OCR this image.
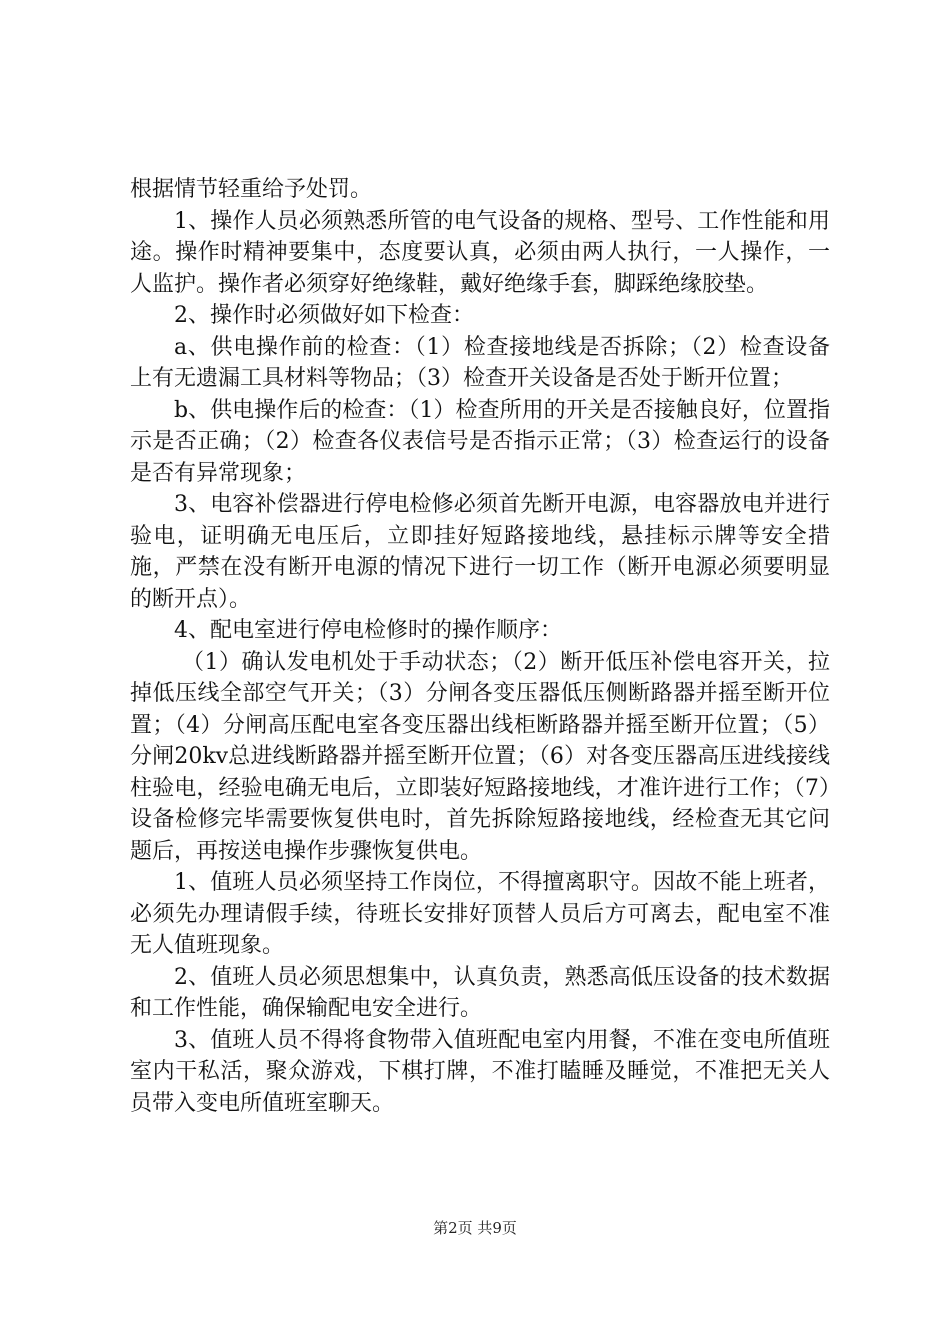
根据情节轻重给予处罚。

1、操作人员必须熟悉所管的电气设备的规格、型号、工作性能和用途。操作时精神要集中，态度要认真，必须由两人执行，一人操作，一人监护。操作者必须穿好绝缘鞋，戴好绝缘手套，脚踩绝缘胶垫。

2、操作时必须做好如下检查：

a、供电操作前的检查：（1）检查接地线是否拆除；（2）检查设备上有无遗漏工具材料等物品；（3）检查开关设备是否处于断开位置；

b、供电操作后的检查：（1）检查所用的开关是否接触良好，位置指示是否正确；（2）检查各仪表信号是否指示正常；（3）检查运行的设备是否有异常现象；

3、电容补偿器进行停电检修必须首先断开电源，电容器放电并进行验电，证明确无电压后，立即挂好短路接地线，悬挂标示牌等安全措施，严禁在没有断开电源的情况下进行一切工作（断开电源必须要明显的断开点）。

4、配电室进行停电检修时的操作顺序：

（1）确认发电机处于手动状态；（2）断开低压补偿电容开关，拉掉低压线全部空气开关；（3）分闸各变压器低压侧断路器并摇至断开位置；（4）分闸高压配电室各变压器出线柜断路器并摇至断开位置；（5）分闸20kv总进线断路器并摇至断开位置；（6）对各变压器高压进线接线柱验电，经验电确无电后，立即装好短路接地线，才准许进行工作；（7）设备检修完毕需要恢复供电时，首先拆除短路接地线，经检查无其它问题后，再按送电操作步骤恢复供电。

1、值班人员必须坚持工作岗位，不得擅离职守。因故不能上班者，必须先办理请假手续，待班长安排好顶替人员后方可离去，配电室不准无人值班现象。

2、值班人员必须思想集中，认真负责，熟悉高低压设备的技术数据和工作性能，确保输配电安全进行。

3、值班人员不得将食物带入值班配电室内用餐，不准在变电所值班室内干私活，聚众游戏，下棋打牌，不准打瞌睡及睡觉，不准把无关人员带入变电所值班室聊天。

第2页 共9页
